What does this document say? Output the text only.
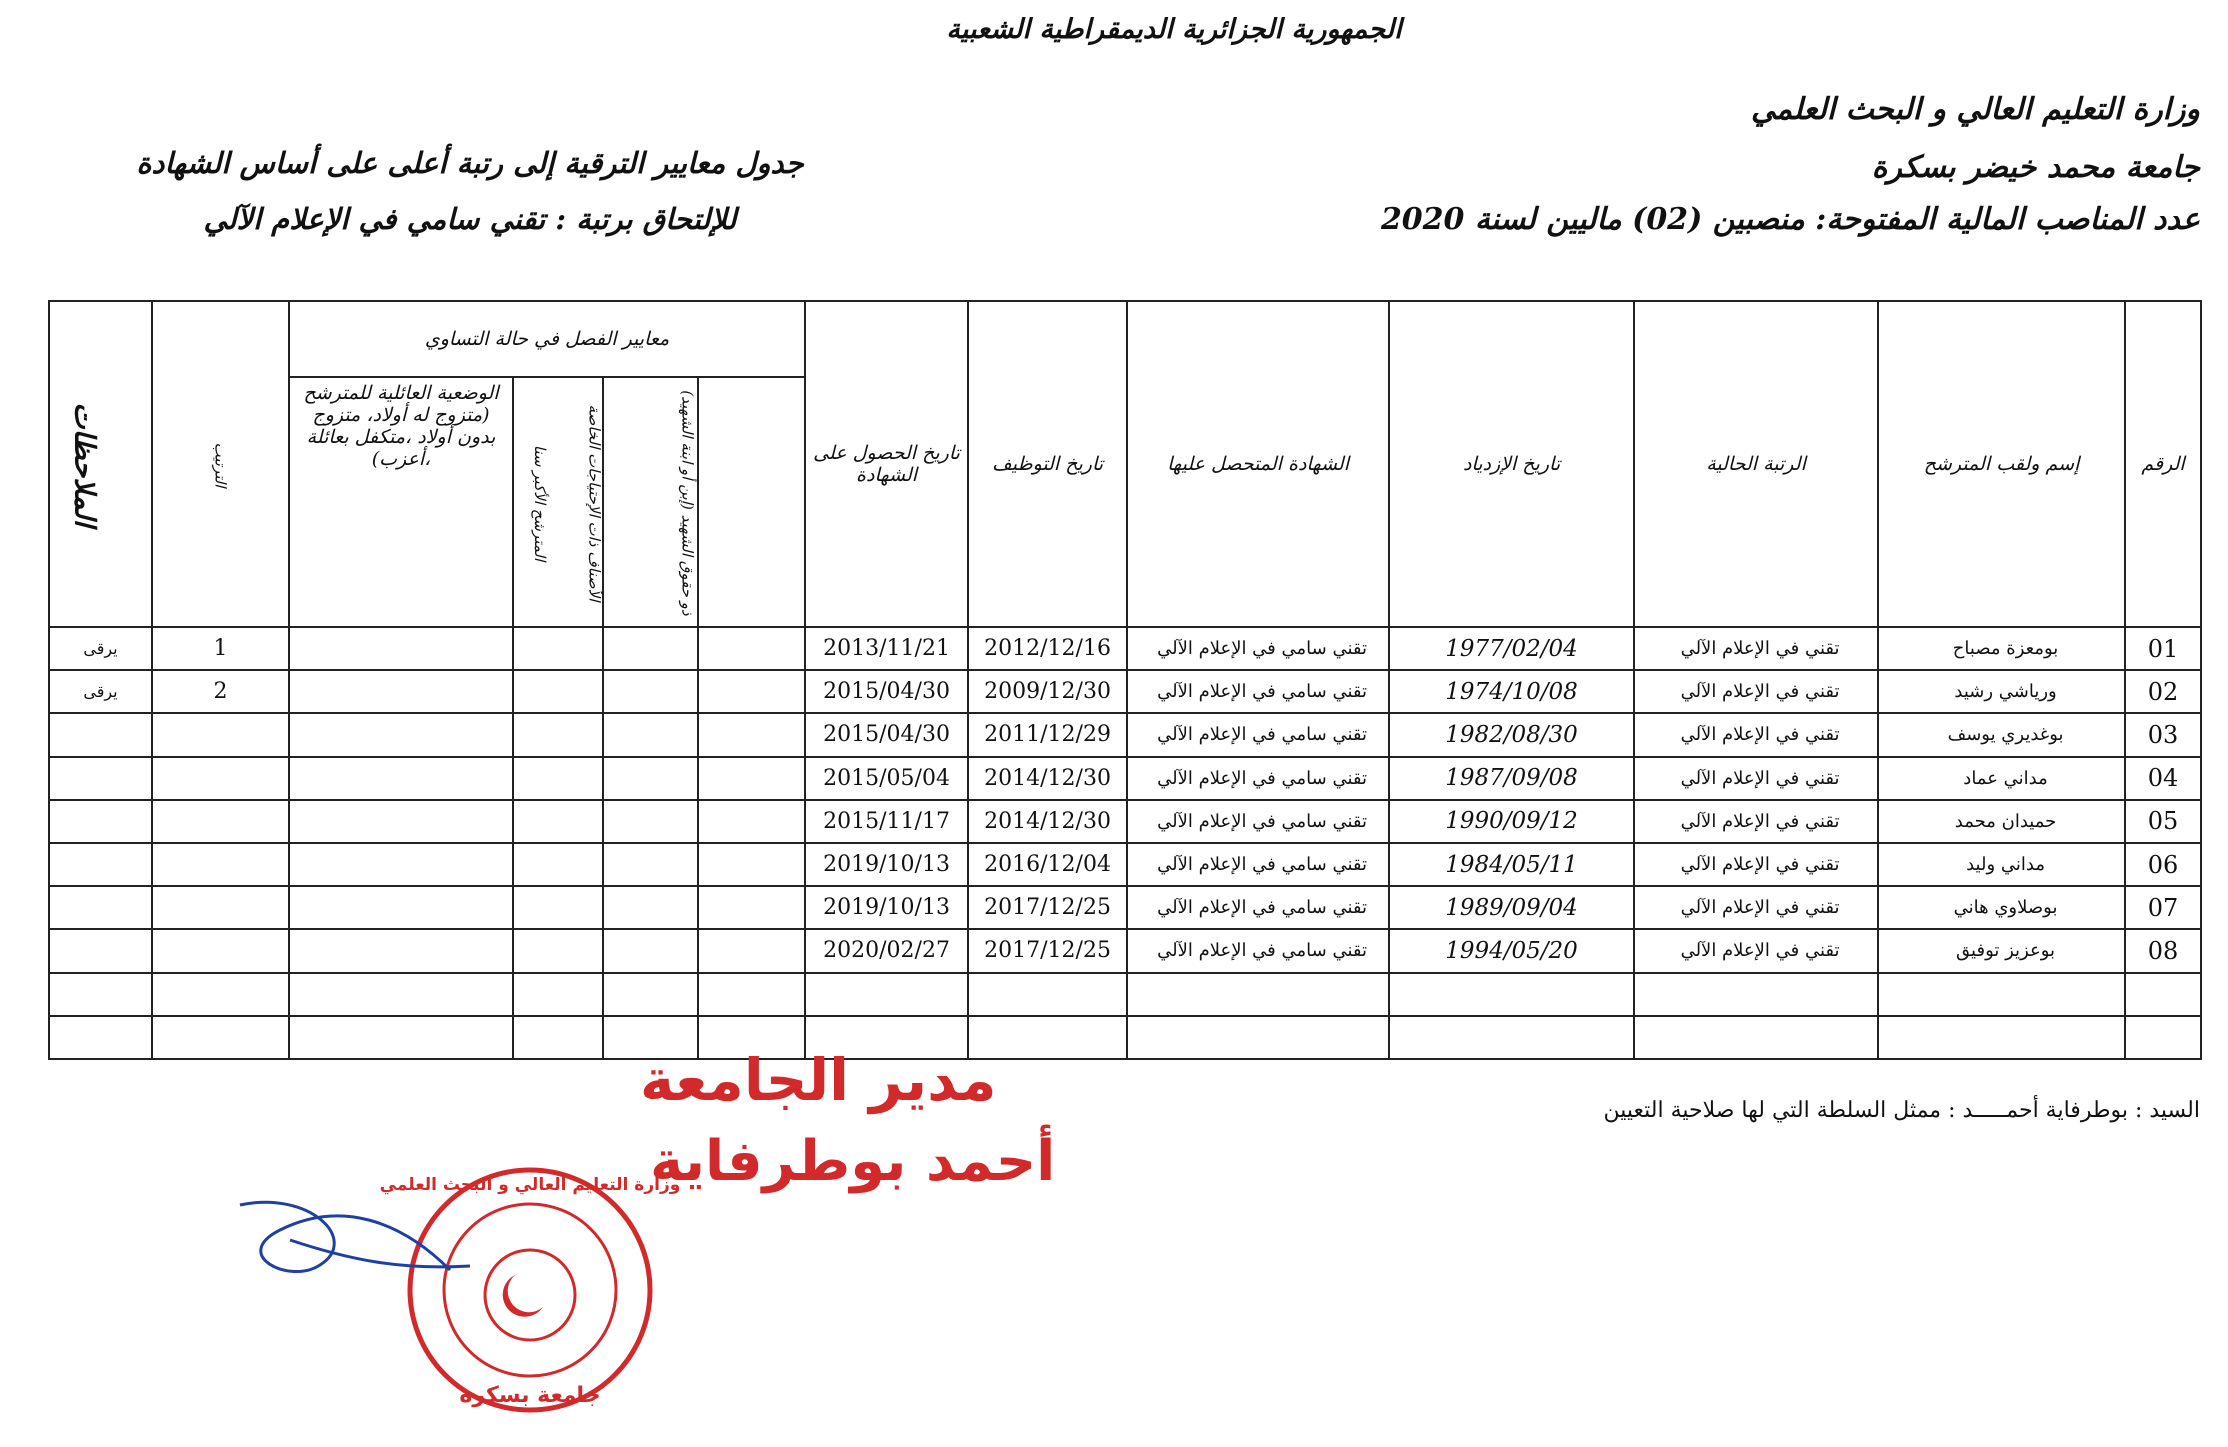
الجمهورية الجزائرية الديمقراطية الشعبية
وزارة التعليم العالي و البحث العلمي
جامعة محمد خيضر بسكرة
عدد المناصب المالية المفتوحة: منصبين (02) ماليين لسنة 2020
جدول معايير الترقية إلى رتبة أعلى على أساس الشهادة
للإلتحاق برتبة : تقني سامي في الإعلام الآلي
الرقم	إسم ولقب المترشح	الرتبة الحالية	تاريخ الإزدياد	الشهادة المتحصل عليها	تاريخ التوظيف	تاريخ الحصول على الشهادة	معايير الفصل في حالة التساوي				الترتيب	الملاحظات
							ذو حقوق الشهيد (إبن أو ابنة الشهيد)	الأصناف ذات الإحتياجات الخاصة	المترشح الأكبر سنا	الوضعية العائلية للمترشح (متزوج له أولاد، متزوج بدون أولاد ،متكفل بعائلة ،أعزب)		
01	بومعزة مصباح	تقني في الإعلام الآلي	1977/02/04	تقني سامي في الإعلام الآلي	2012/12/16	2013/11/21					1	يرقى
02	ورياشي رشيد	تقني في الإعلام الآلي	1974/10/08	تقني سامي في الإعلام الآلي	2009/12/30	2015/04/30					2	يرقى
03	بوغديري يوسف	تقني في الإعلام الآلي	1982/08/30	تقني سامي في الإعلام الآلي	2011/12/29	2015/04/30						
04	مداني عماد	تقني في الإعلام الآلي	1987/09/08	تقني سامي في الإعلام الآلي	2014/12/30	2015/05/04						
05	حميدان محمد	تقني في الإعلام الآلي	1990/09/12	تقني سامي في الإعلام الآلي	2014/12/30	2015/11/17						
06	مداني وليد	تقني في الإعلام الآلي	1984/05/11	تقني سامي في الإعلام الآلي	2016/12/04	2019/10/13						
07	بوصلاوي هاني	تقني في الإعلام الآلي	1989/09/04	تقني سامي في الإعلام الآلي	2017/12/25	2019/10/13						
08	بوعزيز توفيق	تقني في الإعلام الآلي	1994/05/20	تقني سامي في الإعلام الآلي	2017/12/25	2020/02/27						

السيد : بوطرفاية أحمـــــد : ممثل السلطة التي لها صلاحية التعيين
مدير الجامعة
أحمد بوطرفاية
وزارة التعليم العالي و البحث العلمي
جامعة بسكرة
